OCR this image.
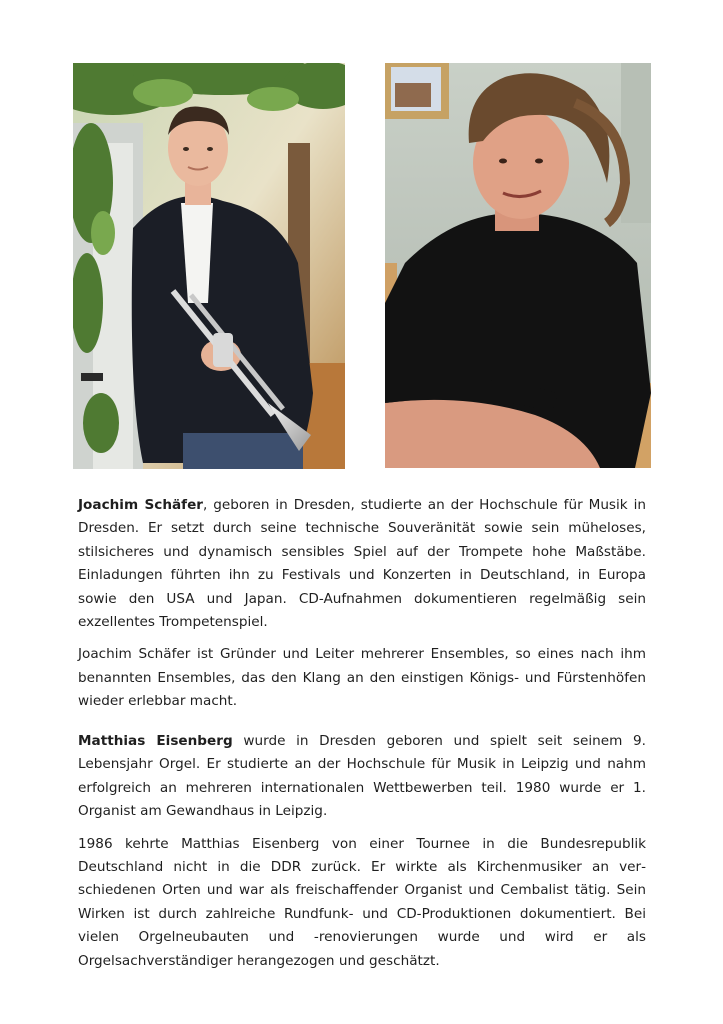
Joachim Schäfer, geboren in Dresden, studierte an der Hochschule für Musik in Dresden. Er setzt durch seine technische Souveränität sowie sein müheloses, stilsicheres und dynamisch sensibles Spiel auf der Trompete hohe Maßstäbe. Einladungen führten ihn zu Festivals und Konzerten in Deutschland, in Europa sowie den USA und Japan. CD-Aufnahmen dokumentieren regelmäßig sein exzellentes Trompetenspiel.

Joachim Schäfer ist Gründer und Leiter mehrerer Ensembles, so eines nach ihm benannten Ensembles, das den Klang an den einstigen Königs- und Fürstenhöfen wieder erlebbar macht.

Matthias Eisenberg wurde in Dresden geboren und spielt seit seinem 9. Lebensjahr Orgel. Er studierte an der Hochschule für Musik in Leipzig und nahm erfolgreich an mehreren internationalen Wettbewerben teil. 1980 wurde er 1. Organist am Gewandhaus in Leipzig.

1986 kehrte Matthias Eisenberg von einer Tournee in die Bundesrepublik Deutschland nicht in die DDR zurück. Er wirkte als Kirchenmusiker an verschiedenen Orten und war als freischaffender Organist und Cembalist tätig. Sein Wirken ist durch zahlreiche Rundfunk- und CD-Produktionen dokumentiert. Bei vielen Orgelneubauten und -renovierungen wurde und wird er als Orgelsachverständiger herangezogen und geschätzt.
